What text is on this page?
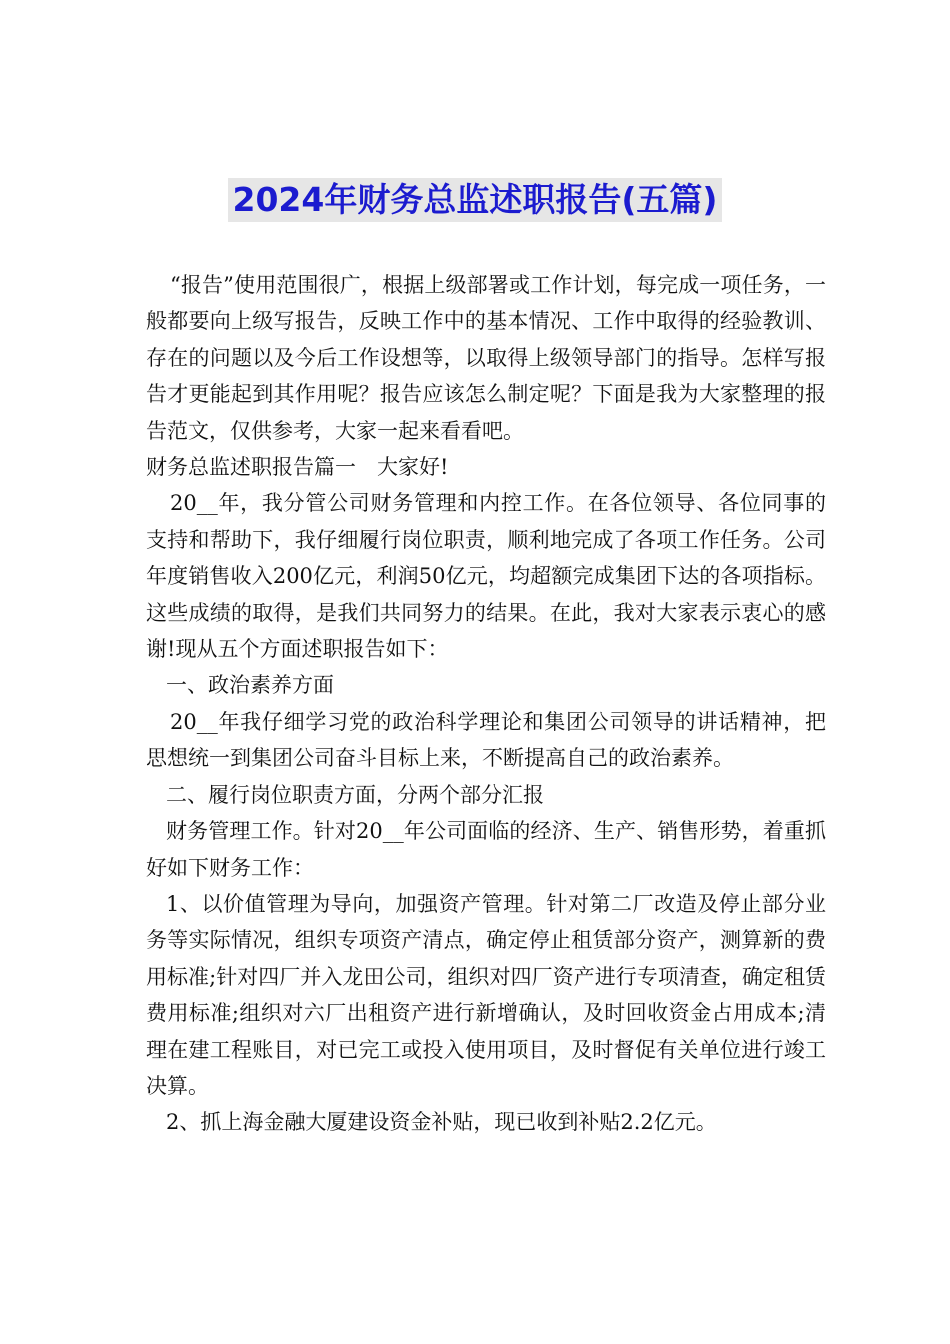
2024年财务总监述职报告(五篇)

“报告”使用范围很广，根据上级部署或工作计划，每完成一项任务，一般都要向上级写报告，反映工作中的基本情况、工作中取得的经验教训、存在的问题以及今后工作设想等，以取得上级领导部门的指导。怎样写报告才更能起到其作用呢？报告应该怎么制定呢？下面是我为大家整理的报告范文，仅供参考，大家一起来看看吧。

财务总监述职报告篇一　大家好!

20__年，我分管公司财务管理和内控工作。在各位领导、各位同事的支持和帮助下，我仔细履行岗位职责，顺利地完成了各项工作任务。公司年度销售收入200亿元，利润50亿元，均超额完成集团下达的各项指标。这些成绩的取得，是我们共同努力的结果。在此，我对大家表示衷心的感谢!现从五个方面述职报告如下：

一、政治素养方面

20__年我仔细学习党的政治科学理论和集团公司领导的讲话精神，把思想统一到集团公司奋斗目标上来，不断提高自己的政治素养。

二、履行岗位职责方面，分两个部分汇报

财务管理工作。针对20__年公司面临的经济、生产、销售形势，着重抓好如下财务工作：

1、以价值管理为导向，加强资产管理。针对第二厂改造及停止部分业务等实际情况，组织专项资产清点，确定停止租赁部分资产，测算新的费用标准;针对四厂并入龙田公司，组织对四厂资产进行专项清查，确定租赁费用标准;组织对六厂出租资产进行新增确认，及时回收资金占用成本;清理在建工程账目，对已完工或投入使用项目，及时督促有关单位进行竣工决算。

2、抓上海金融大厦建设资金补贴，现已收到补贴2.2亿元。
